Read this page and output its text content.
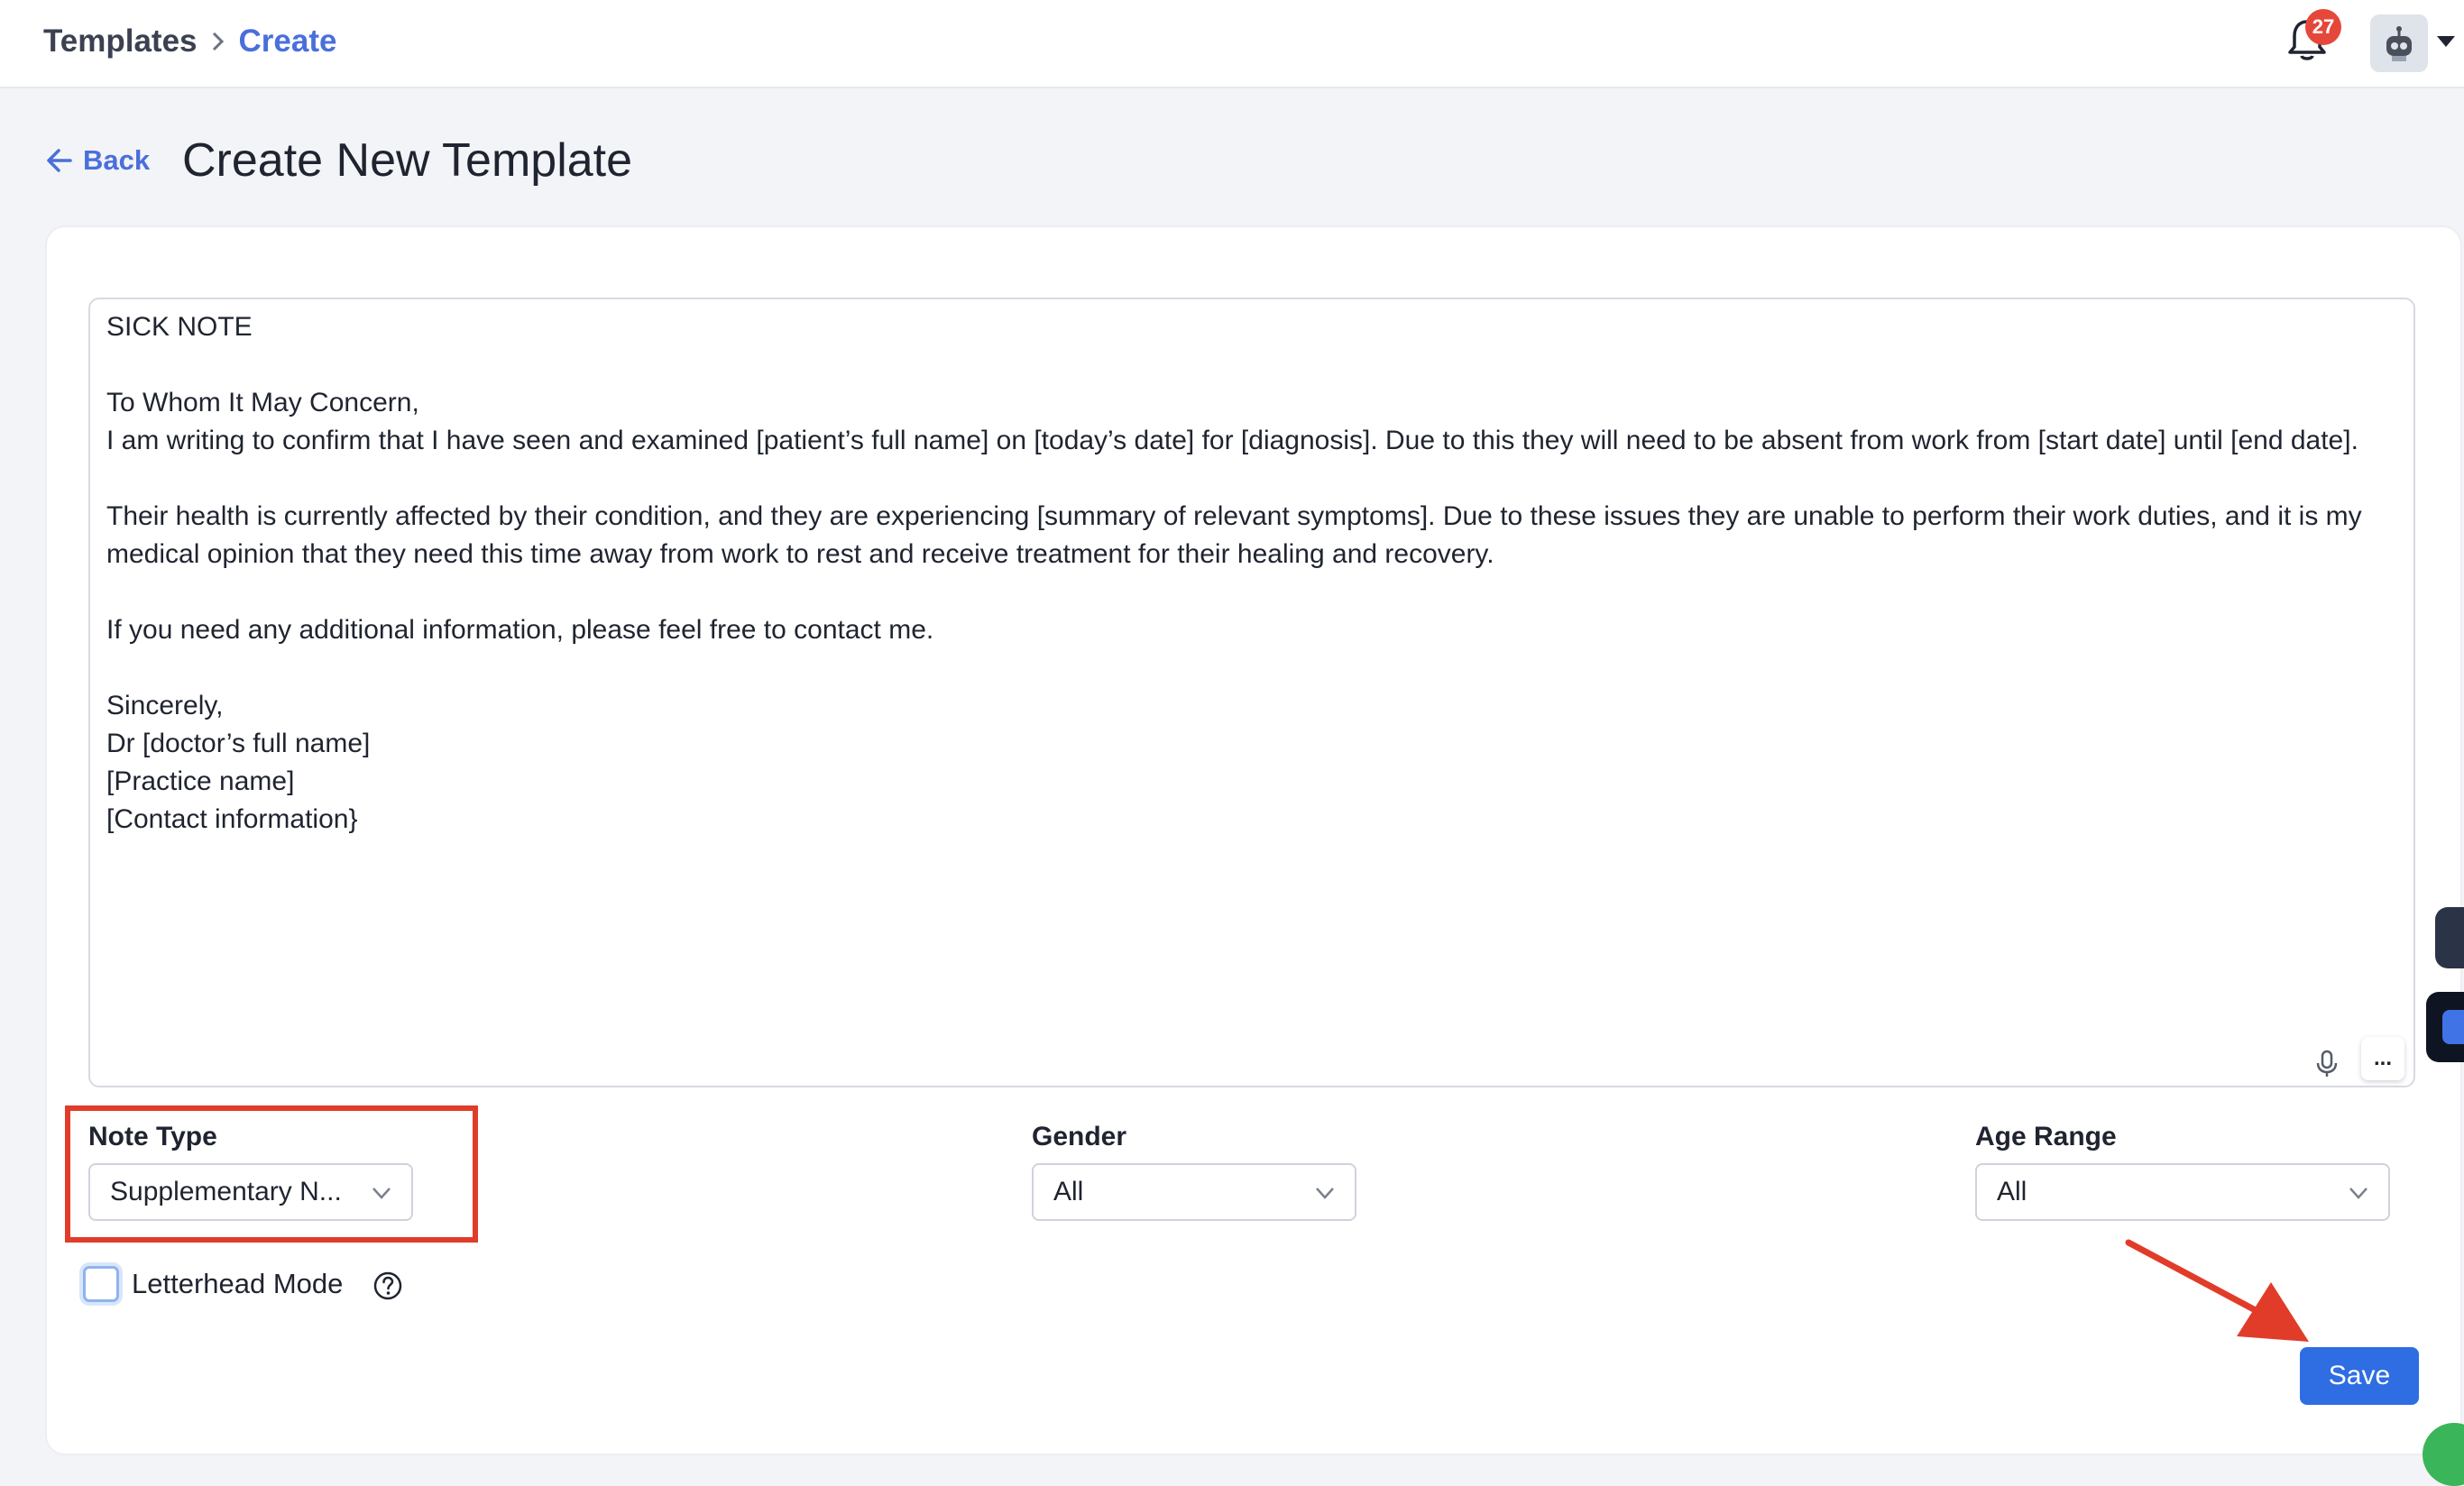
Templates Create	27
Back Create New Template
SICK NOTE

To Whom It May Concern,
I am writing to confirm that I have seen and examined [patient’s full name] on [today’s date] for [diagnosis]. Due to this they will need to be absent from work from [start date] until [end date].

Their health is currently affected by their condition, and they are experiencing [summary of relevant symptoms]. Due to these issues they are unable to perform their work duties, and it is my medical opinion that they need this time away from work to rest and receive treatment for their healing and recovery.

If you need any additional information, please feel free to contact me.

Sincerely,
Dr [doctor’s full name]
[Practice name]
[Contact information}
...
Note Type
Supplementary N...
Gender
All
Age Range
All
Letterhead Mode
Save
